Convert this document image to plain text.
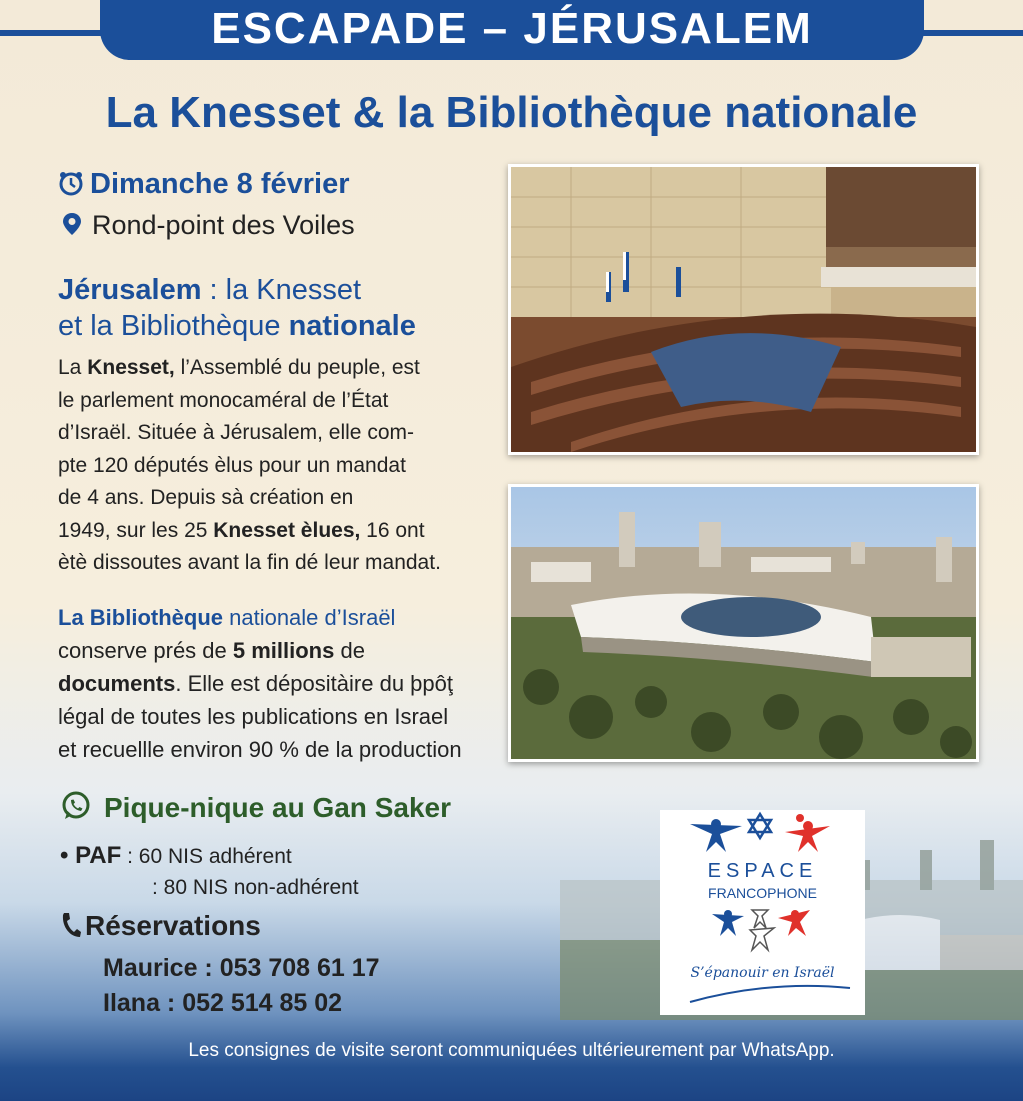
ESCAPADE – JÉRUSALEM
La Knesset & la Bibliothèque nationale
Dimanche 8 février
Rond-point des Voiles
Jérusalem : la Knesset
et la Bibliothèque nationale
La Knesset, l’Assemblé du peuple, est
le parlement monocaméral de l’État
d’Israël. Située à Jérusalem, elle com-
pte 120 députés èlus pour un mandat
de 4 ans. Depuis sà création en
1949, sur les 25 Knesset èlues, 16 ont
ètè dissoutes avant la fin dé leur mandat.
La Bibliothèque nationale d’Israël
conserve prés de 5 millions de
documents. Elle est dépositàire du þpôţ
légal de toutes les publications en Israel
et recuellle environ 90 % de la production
Pique-nique au Gan Saker
• PAF : 60 NIS adhérent
: 80 NIS non-adhérent
Réservations
Maurice : 053 708 61 17
Ilana : 052 514 85 02
ESPACE
FRANCOPHONE
S’épanouir en Israël
Les consignes de visite seront communiquées ultérieurement par WhatsApp.
